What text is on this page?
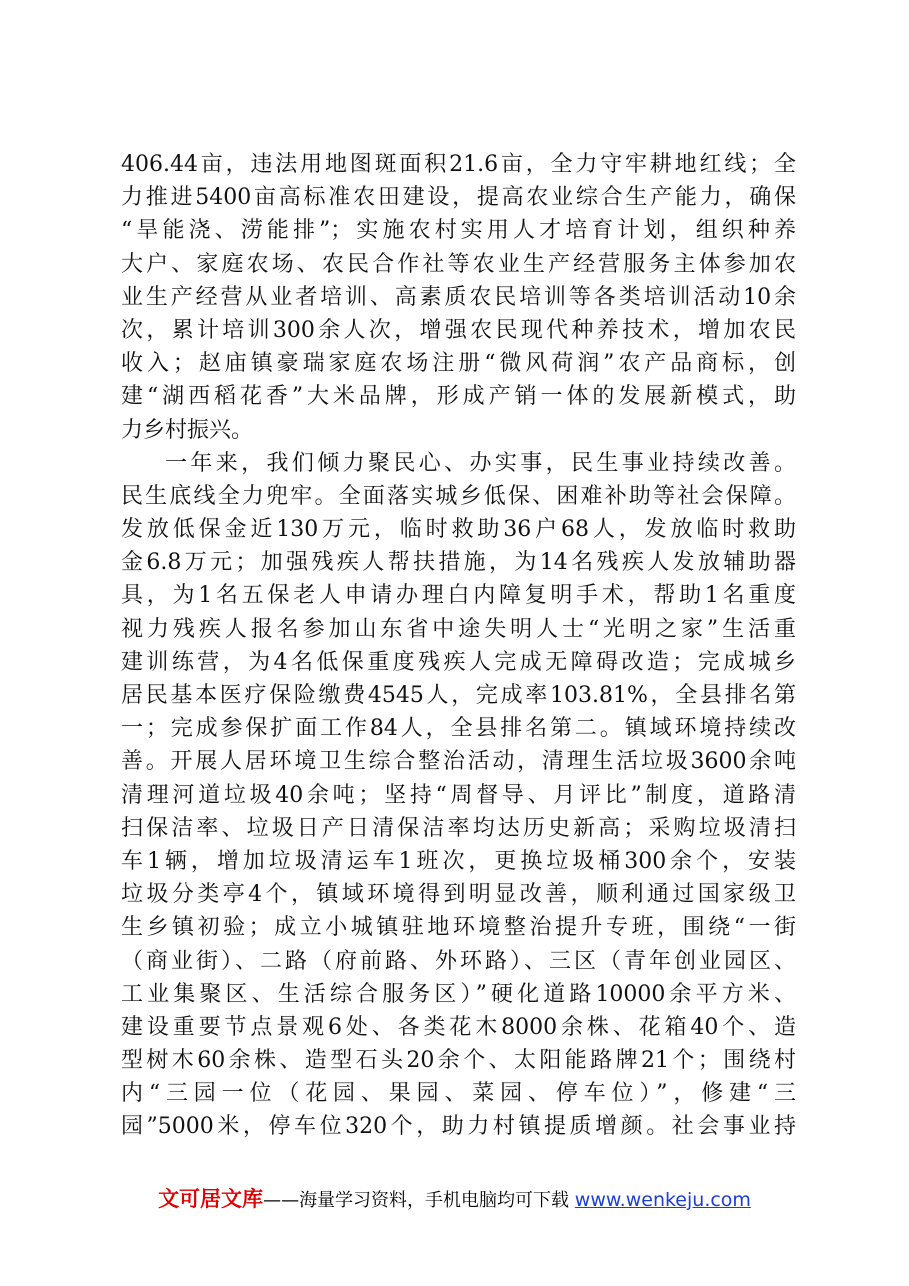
406.44亩，违法用地图斑面积21.6亩，全力守牢耕地红线；全
力推进5400亩高标准农田建设，提高农业综合生产能力，确保
“旱能浇、涝能排”；实施农村实用人才培育计划，组织种养
大户、家庭农场、农民合作社等农业生产经营服务主体参加农
业生产经营从业者培训、高素质农民培训等各类培训活动10余
次，累计培训300余人次，增强农民现代种养技术，增加农民
收入；赵庙镇豪瑞家庭农场注册“微风荷润”农产品商标，创
建“湖西稻花香”大米品牌，形成产销一体的发展新模式，助
力乡村振兴。
一年来，我们倾力聚民心、办实事，民生事业持续改善。
民生底线全力兜牢。全面落实城乡低保、困难补助等社会保障。
发放低保金近130万元，临时救助36户68人，发放临时救助
金6.8万元；加强残疾人帮扶措施，为14名残疾人发放辅助器
具，为1名五保老人申请办理白内障复明手术，帮助1名重度
视力残疾人报名参加山东省中途失明人士“光明之家”生活重
建训练营，为4名低保重度残疾人完成无障碍改造；完成城乡
居民基本医疗保险缴费4545人，完成率103.81%，全县排名第
一；完成参保扩面工作84人，全县排名第二。镇域环境持续改
善。开展人居环境卫生综合整治活动，清理生活垃圾3600余吨
清理河道垃圾40余吨；坚持“周督导、月评比”制度，道路清
扫保洁率、垃圾日产日清保洁率均达历史新高；采购垃圾清扫
车1辆，增加垃圾清运车1班次，更换垃圾桶300余个，安装
垃圾分类亭4个，镇域环境得到明显改善，顺利通过国家级卫
生乡镇初验；成立小城镇驻地环境整治提升专班，围绕“一街
（商业街）、二路（府前路、外环路）、三区（青年创业园区、
工业集聚区、生活综合服务区）”硬化道路10000余平方米、
建设重要节点景观6处、各类花木8000余株、花箱40个、造
型树木60余株、造型石头20余个、太阳能路牌21个；围绕村
内“三园一位（花园、果园、菜园、停车位）”，修建“三
园”5000米，停车位320个，助力村镇提质增颜。社会事业持
文可居文库——海量学习资料，手机电脑均可下载 www.wenkeju.com
